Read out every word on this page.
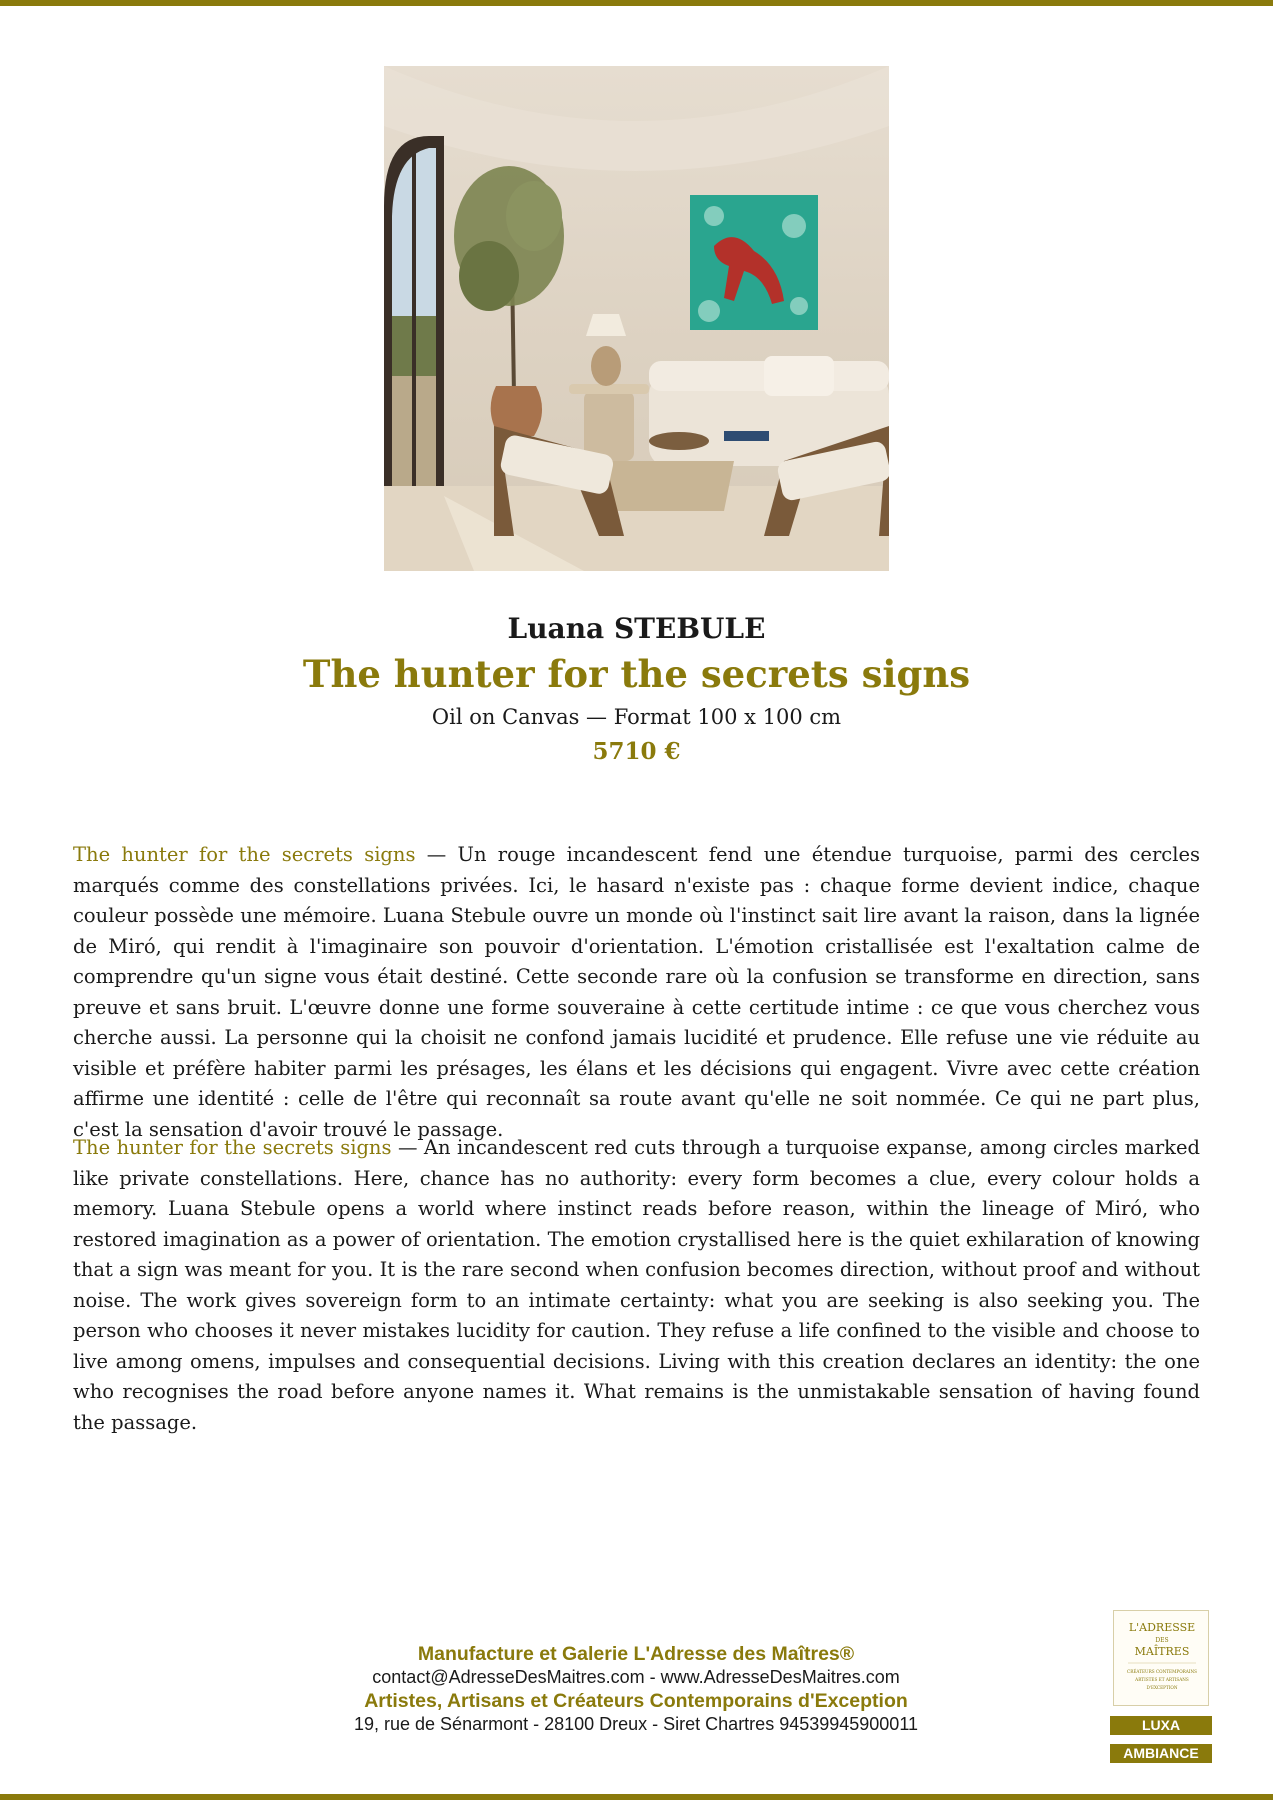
Luana STEBULE
The hunter for the secrets signs
Oil on Canvas — Format 100 x 100 cm
5710 €

The hunter for the secrets signs — Un rouge incandescent fend une étendue turquoise, parmi des cercles marqués comme des constellations privées. Ici, le hasard n'existe pas : chaque forme devient indice, chaque couleur possède une mémoire. Luana Stebule ouvre un monde où l'instinct sait lire avant la raison, dans la lignée de Miró, qui rendit à l'imaginaire son pouvoir d'orientation. L'émotion cristallisée est l'exaltation calme de comprendre qu'un signe vous était destiné. Cette seconde rare où la confusion se transforme en direction, sans preuve et sans bruit. L'œuvre donne une forme souveraine à cette certitude intime : ce que vous cherchez vous cherche aussi. La personne qui la choisit ne confond jamais lucidité et prudence. Elle refuse une vie réduite au visible et préfère habiter parmi les présages, les élans et les décisions qui engagent. Vivre avec cette création affirme une identité : celle de l'être qui reconnaît sa route avant qu'elle ne soit nommée. Ce qui ne part plus, c'est la sensation d'avoir trouvé le passage.

The hunter for the secrets signs — An incandescent red cuts through a turquoise expanse, among circles marked like private constellations. Here, chance has no authority: every form becomes a clue, every colour holds a memory. Luana Stebule opens a world where instinct reads before reason, within the lineage of Miró, who restored imagination as a power of orientation. The emotion crystallised here is the quiet exhilaration of knowing that a sign was meant for you. It is the rare second when confusion becomes direction, without proof and without noise. The work gives sovereign form to an intimate certainty: what you are seeking is also seeking you. The person who chooses it never mistakes lucidity for caution. They refuse a life confined to the visible and choose to live among omens, impulses and consequential decisions. Living with this creation declares an identity: the one who recognises the road before anyone names it. What remains is the unmistakable sensation of having found the passage.

Manufacture et Galerie L'Adresse des Maîtres®
contact@AdresseDesMaitres.com - www.AdresseDesMaitres.com
Artistes, Artisans et Créateurs Contemporains d'Exception
19, rue de Sénarmont - 28100 Dreux - Siret Chartres 94539945900011
L'ADRESSE
DES
MAÎTRES
CRÉATEURS CONTEMPORAINS
ARTISTES ET ARTISANS
D'EXCEPTION
LUXA
AMBIANCE
